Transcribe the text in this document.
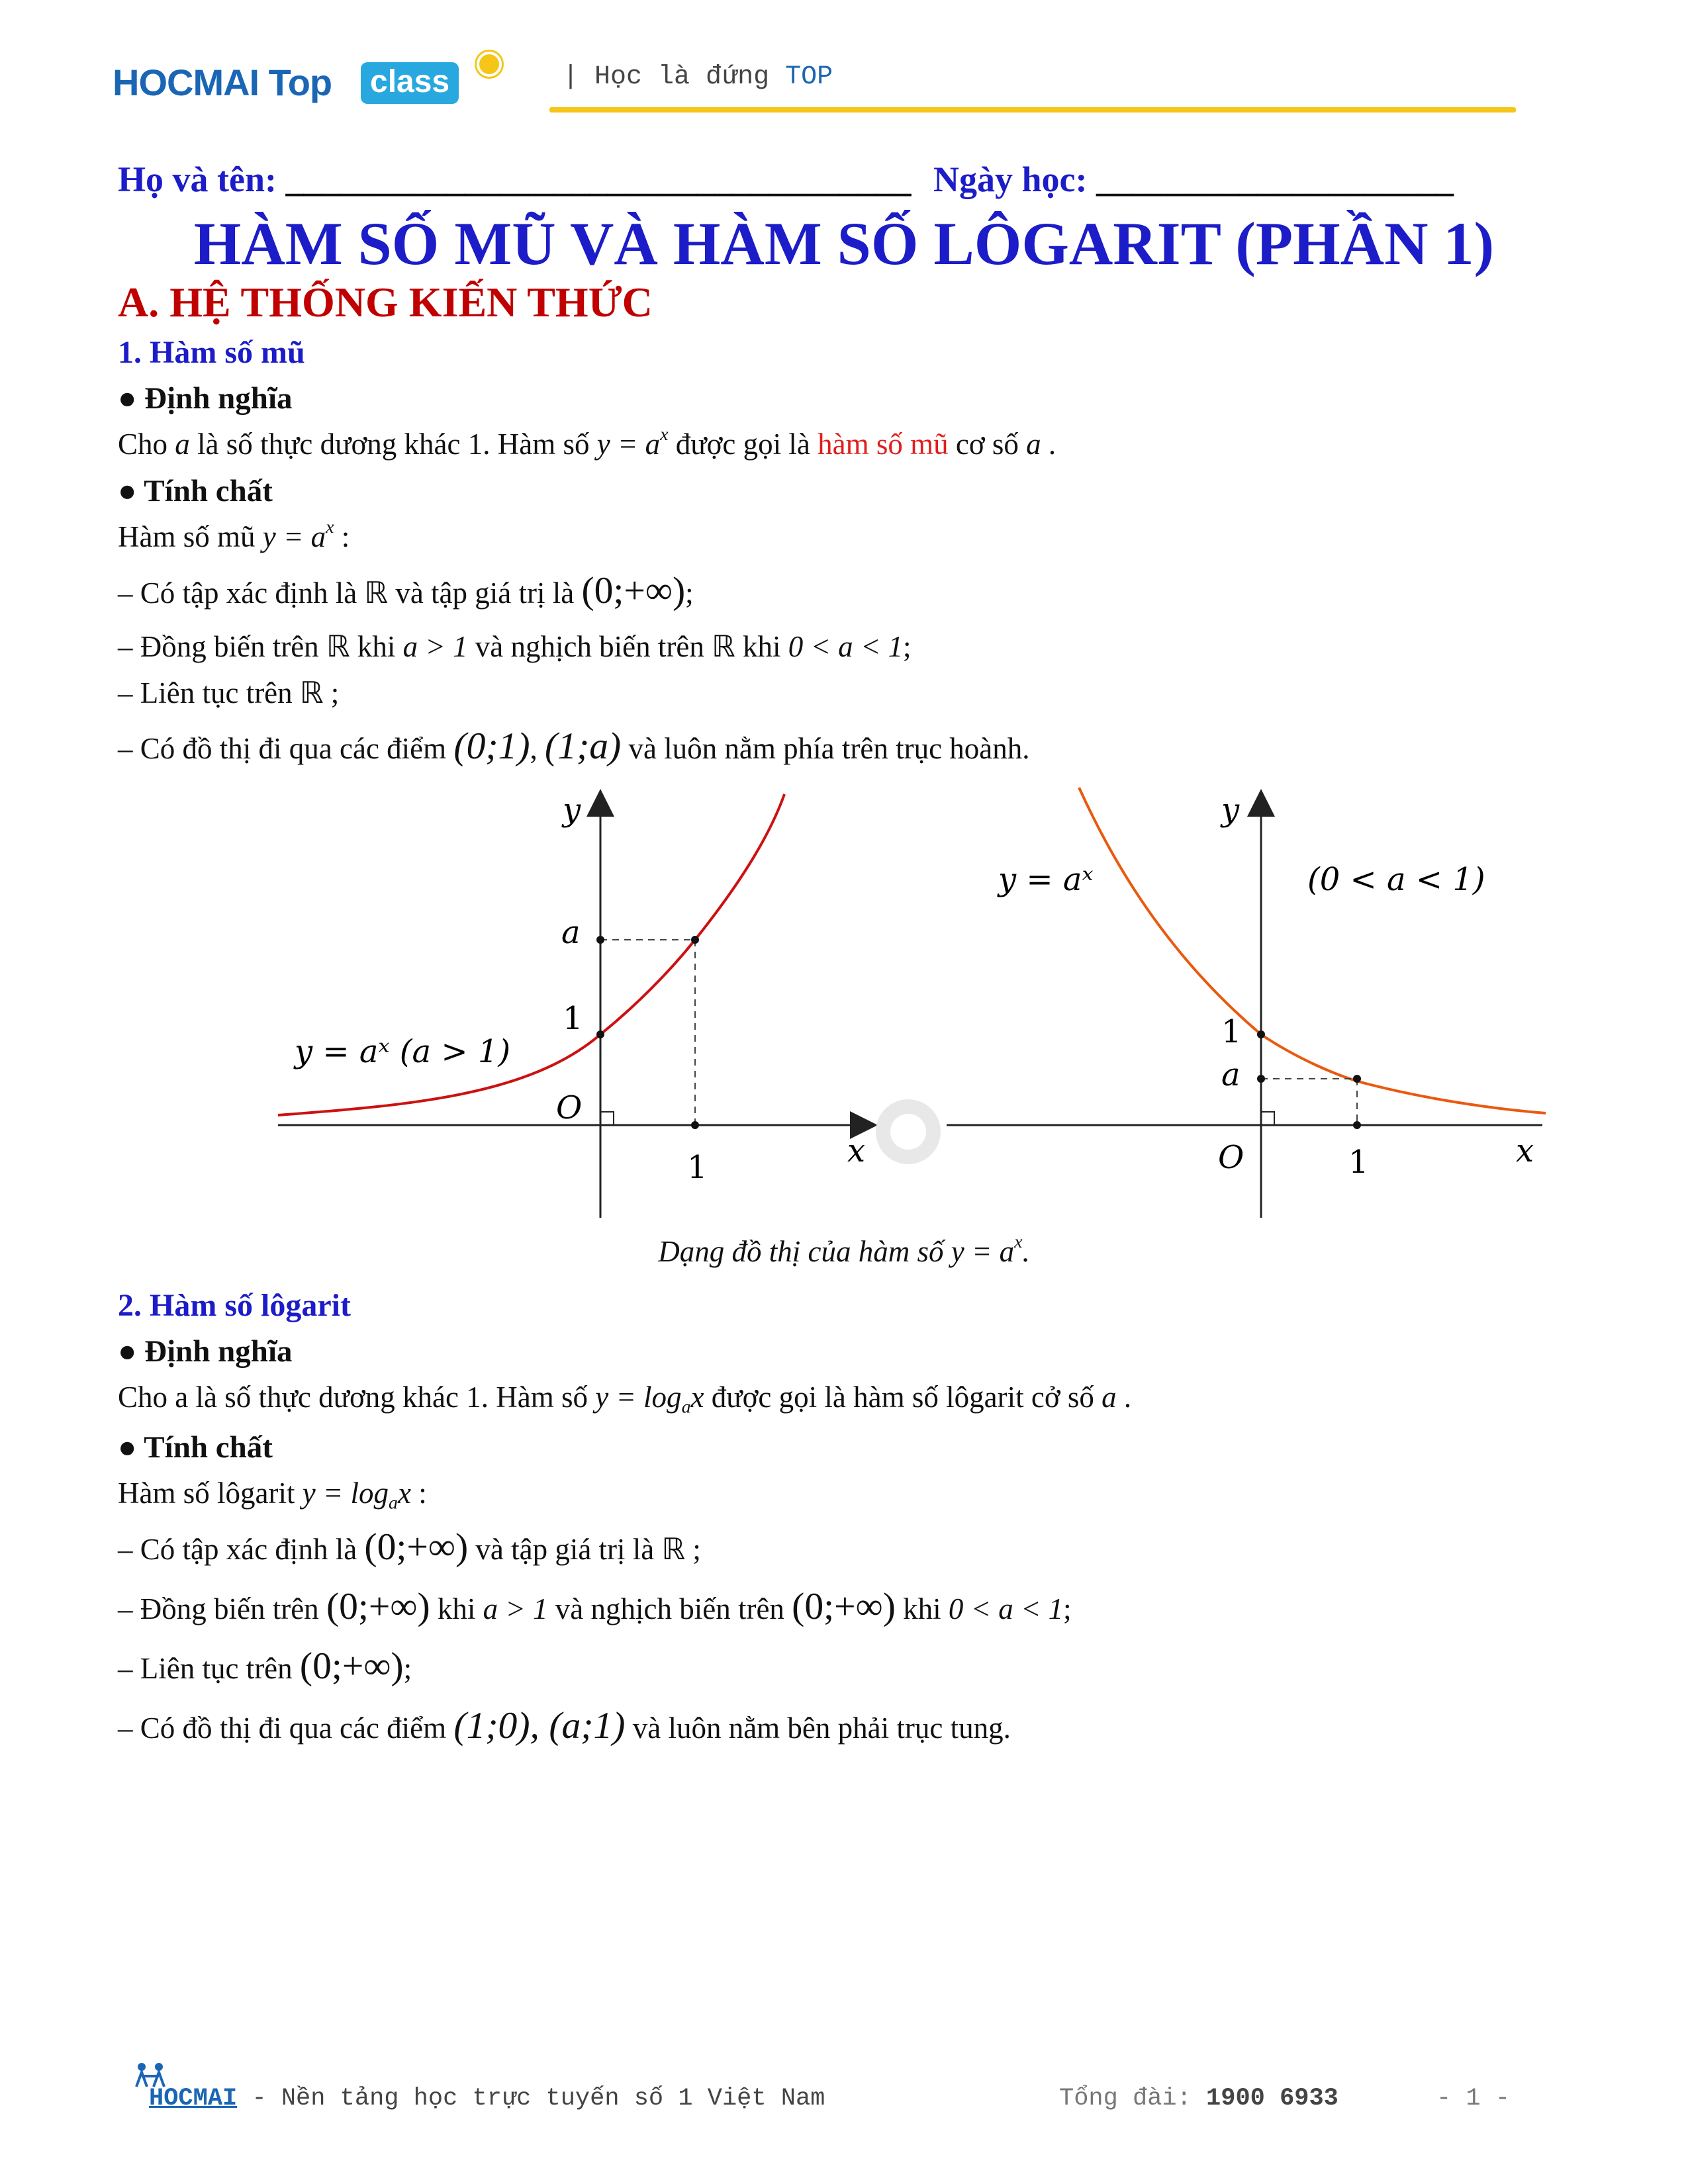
HOCMAI Top class	| Học là đứng TOP
Họ và tên: ___________________________________ Ngày học: ____________________
HÀM SỐ MŨ VÀ HÀM SỐ LÔGARIT (PHẦN 1)
A. HỆ THỐNG KIẾN THỨC
1. Hàm số mũ
● Định nghĩa
Cho a là số thực dương khác 1. Hàm số $y = a^x$ được gọi là hàm số mũ cơ số a .
● Tính chất
Hàm số mũ $y = a^x$ :
– Có tập xác định là ℝ và tập giá trị là (0;+∞);
– Đồng biến trên ℝ khi a > 1 và nghịch biến trên ℝ khi 0 < a < 1;
– Liên tục trên ℝ ;
– Có đồ thị đi qua các điểm (0;1), (1;a) và luôn nằm phía trên trục hoành.
y
a
1
O
1	x
y = aˣ (a > 1)
y
y = aˣ	(0 < a < 1)
1
a
O	1	x
Dạng đồ thị của hàm số $y = a^x$.
2. Hàm số lôgarit
● Định nghĩa
Cho a là số thực dương khác 1. Hàm số $y = \log_ax$ được gọi là hàm số lôgarit cở số a .
● Tính chất
Hàm số lôgarit $y = \log_ax$ :
– Có tập xác định là (0;+∞) và tập giá trị là ℝ ;
– Đồng biến trên (0;+∞) khi a > 1 và nghịch biến trên (0;+∞) khi 0 < a < 1;
– Liên tục trên (0;+∞);
– Có đồ thị đi qua các điểm (1;0), (a;1) và luôn nằm bên phải trục tung.
HOCMAI - Nền tảng học trực tuyến số 1 Việt Nam	Tổng đài: 1900 6933	- 1 -
